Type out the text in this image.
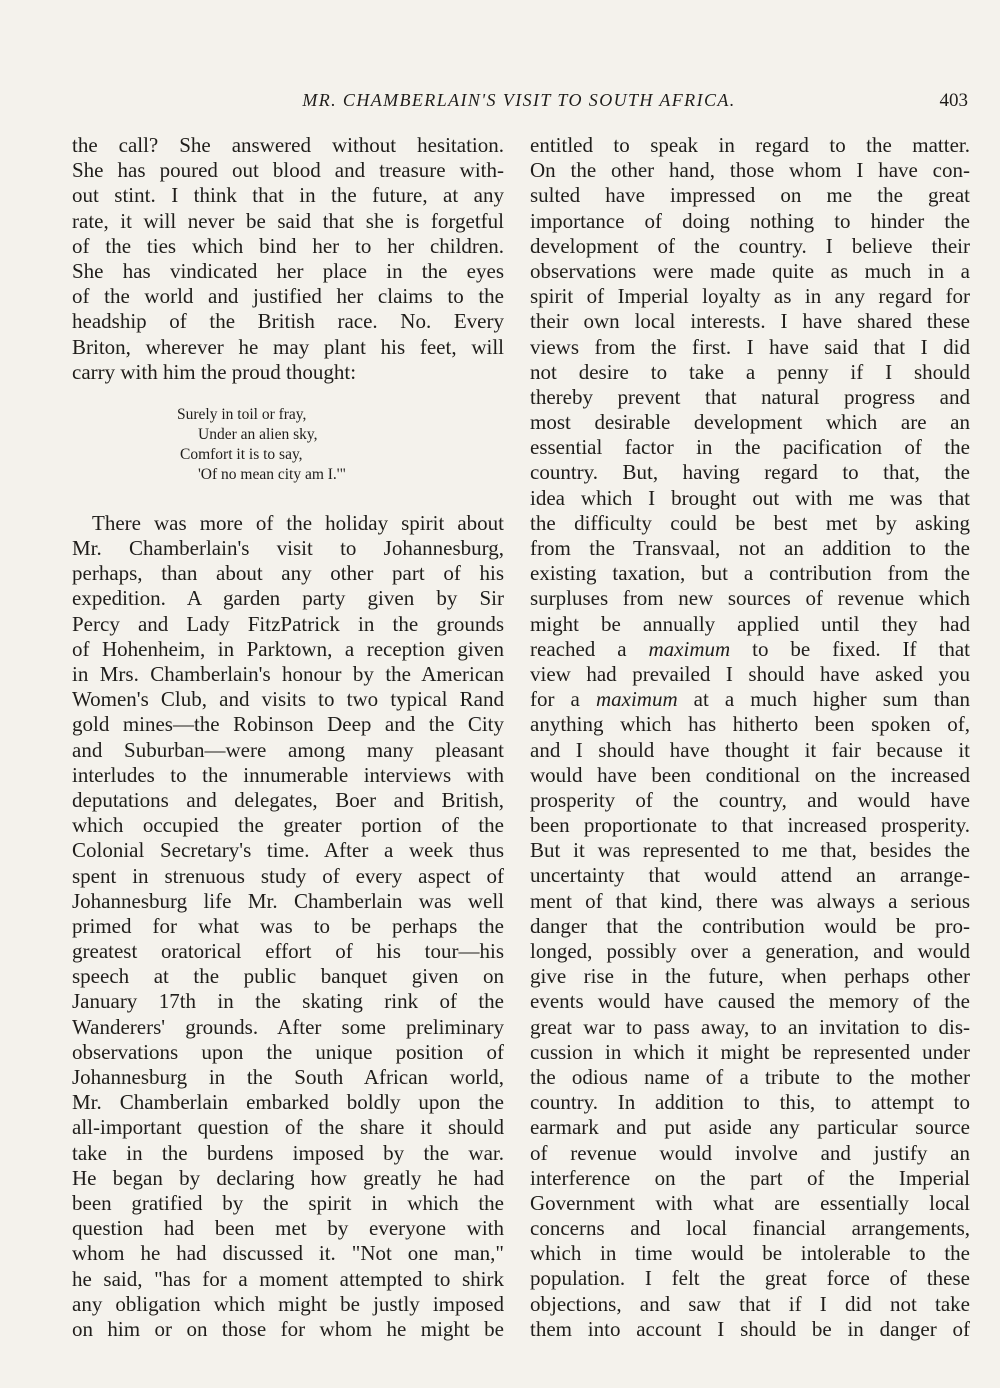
MR. CHAMBERLAIN'S VISIT TO SOUTH AFRICA.	403
the call? She answered without hesitation.
She has poured out blood and treasure with-
out stint. I think that in the future, at any
rate, it will never be said that she is forgetful
of the ties which bind her to her children.
She has vindicated her place in the eyes
of the world and justified her claims to the
headship of the British race. No. Every
Briton, wherever he may plant his feet, will
carry with him the proud thought:
Surely in toil or fray,
Under an alien sky,
Comfort it is to say,
'Of no mean city am I.'"
There was more of the holiday spirit about
Mr. Chamberlain's visit to Johannesburg,
perhaps, than about any other part of his
expedition. A garden party given by Sir
Percy and Lady FitzPatrick in the grounds
of Hohenheim, in Parktown, a reception given
in Mrs. Chamberlain's honour by the American
Women's Club, and visits to two typical Rand
gold mines—the Robinson Deep and the City
and Suburban—were among many pleasant
interludes to the innumerable interviews with
deputations and delegates, Boer and British,
which occupied the greater portion of the
Colonial Secretary's time. After a week thus
spent in strenuous study of every aspect of
Johannesburg life Mr. Chamberlain was well
primed for what was to be perhaps the
greatest oratorical effort of his tour—his
speech at the public banquet given on
January 17th in the skating rink of the
Wanderers' grounds. After some preliminary
observations upon the unique position of
Johannesburg in the South African world,
Mr. Chamberlain embarked boldly upon the
all-important question of the share it should
take in the burdens imposed by the war.
He began by declaring how greatly he had
been gratified by the spirit in which the
question had been met by everyone with
whom he had discussed it. "Not one man,"
he said, "has for a moment attempted to shirk
any obligation which might be justly imposed
on him or on those for whom he might be
entitled to speak in regard to the matter.
On the other hand, those whom I have con-
sulted have impressed on me the great
importance of doing nothing to hinder the
development of the country. I believe their
observations were made quite as much in a
spirit of Imperial loyalty as in any regard for
their own local interests. I have shared these
views from the first. I have said that I did
not desire to take a penny if I should
thereby prevent that natural progress and
most desirable development which are an
essential factor in the pacification of the
country. But, having regard to that, the
idea which I brought out with me was that
the difficulty could be best met by asking
from the Transvaal, not an addition to the
existing taxation, but a contribution from the
surpluses from new sources of revenue which
might be annually applied until they had
reached a maximum to be fixed. If that
view had prevailed I should have asked you
for a maximum at a much higher sum than
anything which has hitherto been spoken of,
and I should have thought it fair because it
would have been conditional on the increased
prosperity of the country, and would have
been proportionate to that increased prosperity.
But it was represented to me that, besides the
uncertainty that would attend an arrange-
ment of that kind, there was always a serious
danger that the contribution would be pro-
longed, possibly over a generation, and would
give rise in the future, when perhaps other
events would have caused the memory of the
great war to pass away, to an invitation to dis-
cussion in which it might be represented under
the odious name of a tribute to the mother
country. In addition to this, to attempt to
earmark and put aside any particular source
of revenue would involve and justify an
interference on the part of the Imperial
Government with what are essentially local
concerns and local financial arrangements,
which in time would be intolerable to the
population. I felt the great force of these
objections, and saw that if I did not take
them into account I should be in danger of
